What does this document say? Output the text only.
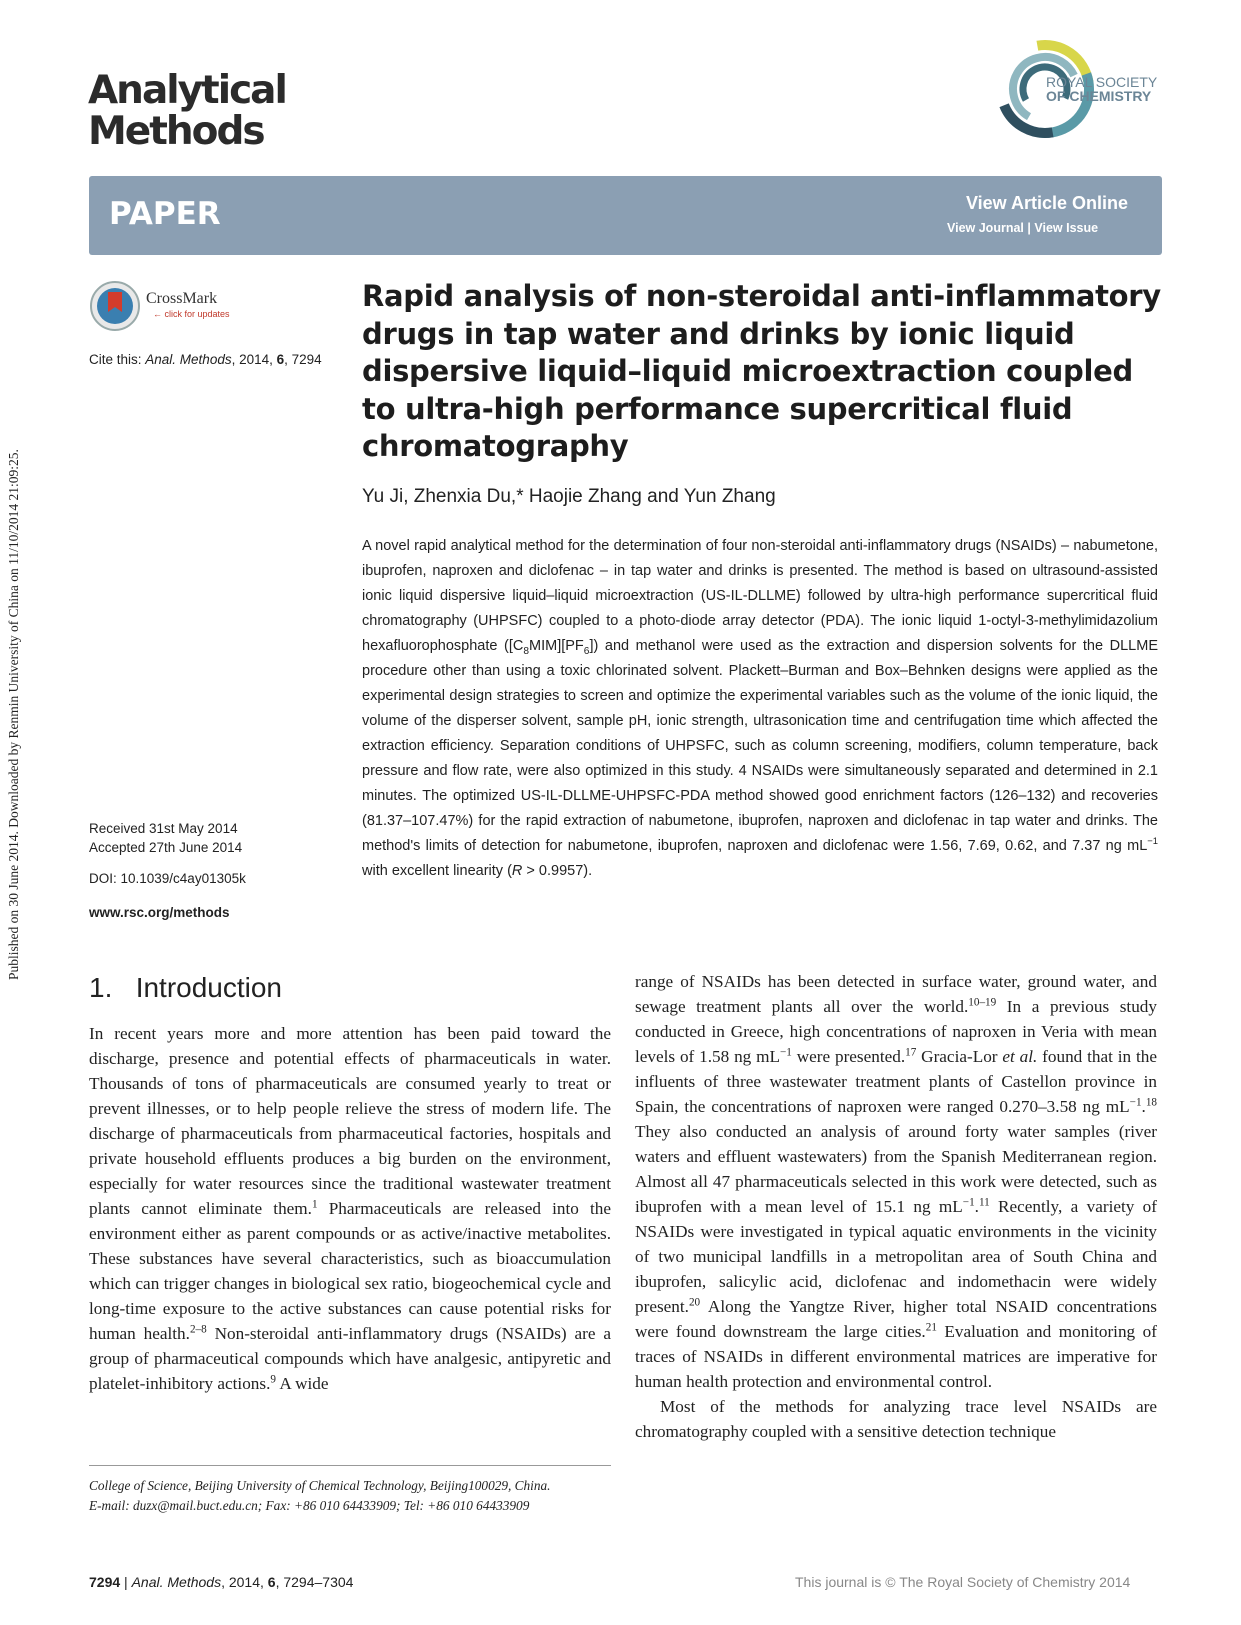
Published on 30 June 2014. Downloaded by Renmin University of China on 11/10/2014 21:09:25.
Analytical
Methods
ROYAL SOCIETY
OF CHEMISTRY
PAPER	View Article Online
View Journal | View Issue
CrossMark
← click for updates
Cite this: Anal. Methods, 2014, 6, 7294
Rapid analysis of non-steroidal anti-inflammatory drugs in tap water and drinks by ionic liquid dispersive liquid–liquid microextraction coupled to ultra-high performance supercritical fluid chromatography
Yu Ji, Zhenxia Du,* Haojie Zhang and Yun Zhang
A novel rapid analytical method for the determination of four non-steroidal anti-inflammatory drugs (NSAIDs) – nabumetone, ibuprofen, naproxen and diclofenac – in tap water and drinks is presented. The method is based on ultrasound-assisted ionic liquid dispersive liquid–liquid microextraction (US-IL-DLLME) followed by ultra-high performance supercritical fluid chromatography (UHPSFC) coupled to a photo-diode array detector (PDA). The ionic liquid 1-octyl-3-methylimidazolium hexafluorophosphate $([C_8MIM][PF_6])$ and methanol were used as the extraction and dispersion solvents for the DLLME procedure other than using a toxic chlorinated solvent. Plackett–Burman and Box–Behnken designs were applied as the experimental design strategies to screen and optimize the experimental variables such as the volume of the ionic liquid, the volume of the disperser solvent, sample pH, ionic strength, ultrasonication time and centrifugation time which affected the extraction efficiency. Separation conditions of UHPSFC, such as column screening, modifiers, column temperature, back pressure and flow rate, were also optimized in this study. 4 NSAIDs were simultaneously separated and determined in 2.1 minutes. The optimized US-IL-DLLME-UHPSFC-PDA method showed good enrichment factors (126–132) and recoveries (81.37–107.47%) for the rapid extraction of nabumetone, ibuprofen, naproxen and diclofenac in tap water and drinks. The method's limits of detection for nabumetone, ibuprofen, naproxen and diclofenac were 1.56, 7.69, 0.62, and 7.37 ng $mL^{-1}$ with excellent linearity (R > 0.9957).
Received 31st May 2014
Accepted 27th June 2014
DOI: 10.1039/c4ay01305k
www.rsc.org/methods
1.   Introduction

In recent years more and more attention has been paid toward the discharge, presence and potential effects of pharmaceuticals in water. Thousands of tons of pharmaceuticals are consumed yearly to treat or prevent illnesses, or to help people relieve the stress of modern life. The discharge of pharmaceuticals from pharmaceutical factories, hospitals and private household effluents produces a big burden on the environment, especially for water resources since the traditional wastewater treatment plants cannot eliminate them.$^1$ Pharmaceuticals are released into the environment either as parent compounds or as active/inactive metabolites. These substances have several characteristics, such as bioaccumulation which can trigger changes in biological sex ratio, biogeochemical cycle and long-time exposure to the active substances can cause potential risks for human health.$^{2-8}$ Non-steroidal anti-inflammatory drugs (NSAIDs) are a group of pharmaceutical compounds which have analgesic, antipyretic and platelet-inhibitory actions.$^9$ A wide

range of NSAIDs has been detected in surface water, ground water, and sewage treatment plants all over the world.$^{10-19}$ In a previous study conducted in Greece, high concentrations of naproxen in Veria with mean levels of 1.58 ng $mL^{-1}$ were presented.$^{17}$ Gracia-Lor et al. found that in the influents of three wastewater treatment plants of Castellon province in Spain, the concentrations of naproxen were ranged 0.270–3.58 ng $mL^{-1}.^{18}$ They also conducted an analysis of around forty water samples (river waters and effluent wastewaters) from the Spanish Mediterranean region. Almost all 47 pharmaceuticals selected in this work were detected, such as ibuprofen with a mean level of 15.1 ng $mL^{-1}.^{11}$ Recently, a variety of NSAIDs were investigated in typical aquatic environments in the vicinity of two municipal landfills in a metropolitan area of South China and ibuprofen, salicylic acid, diclofenac and indomethacin were widely present.$^{20}$ Along the Yangtze River, higher total NSAID concentrations were found downstream the large cities.$^{21}$ Evaluation and monitoring of traces of NSAIDs in different environmental matrices are imperative for human health protection and environmental control.

Most of the methods for analyzing trace level NSAIDs are chromatography coupled with a sensitive detection technique

College of Science, Beijing University of Chemical Technology, Beijing100029, China.
E-mail: duzx@mail.buct.edu.cn; Fax: +86 010 64433909; Tel: +86 010 64433909
7294 | Anal. Methods, 2014, 6, 7294–7304	This journal is © The Royal Society of Chemistry 2014
